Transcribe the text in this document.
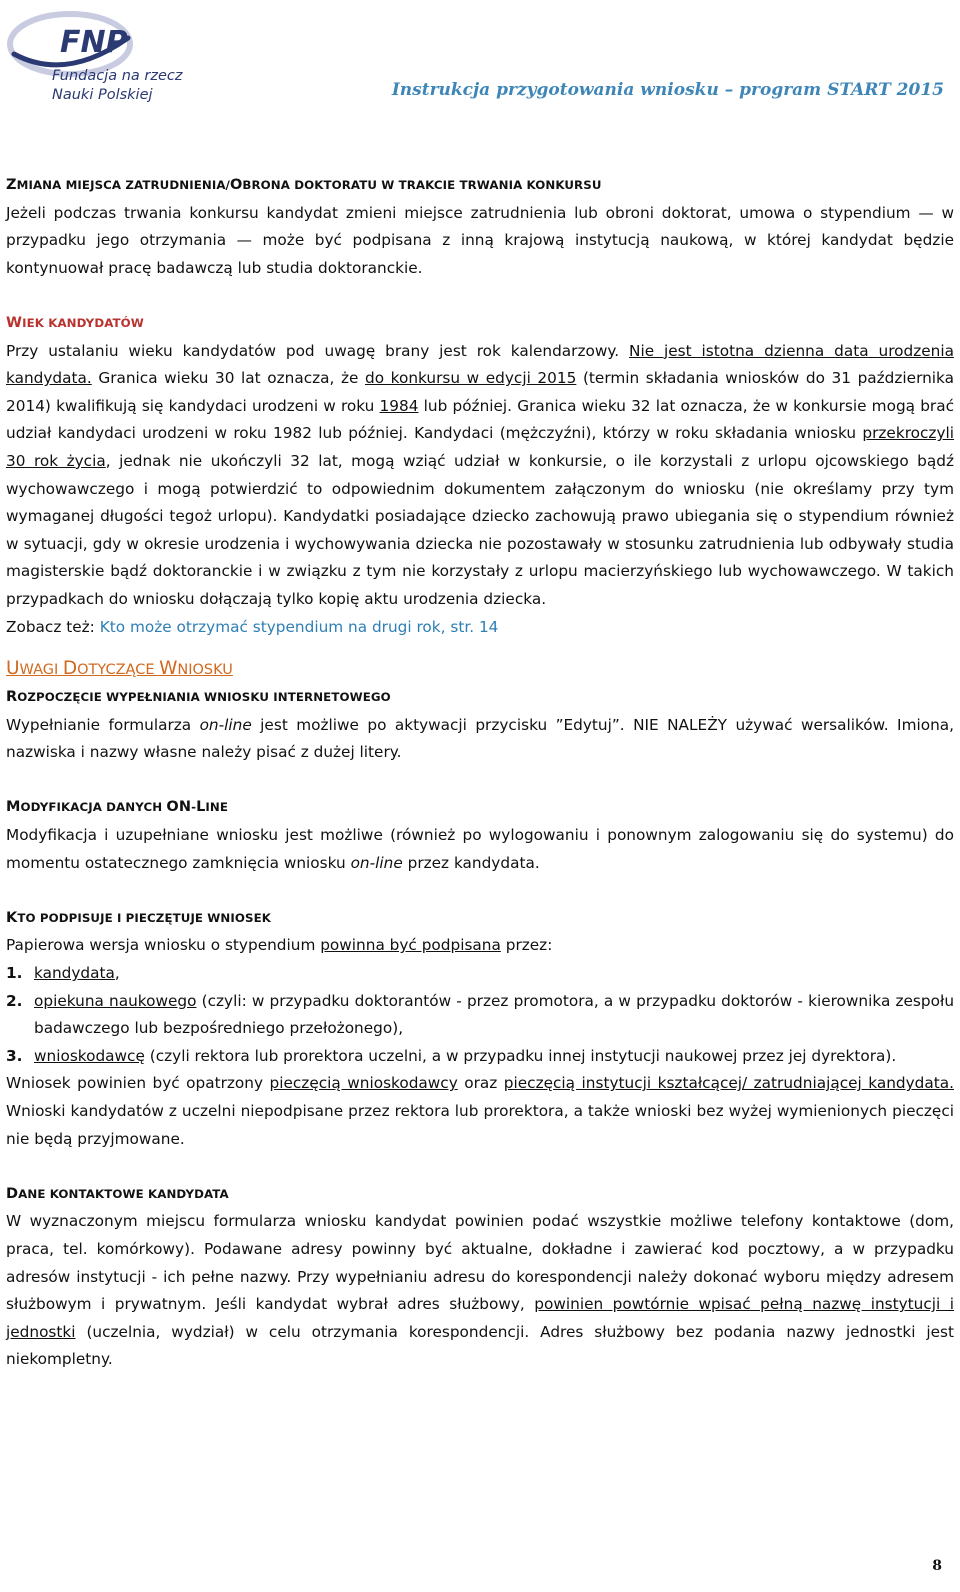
FNP
Fundacja na rzecz
Nauki Polskiej	Instrukcja przygotowania wniosku – program START 2015
ZMIANA MIEJSCA ZATRUDNIENIA/OBRONA DOKTORATU W TRAKCIE TRWANIA KONKURSU

Jeżeli podczas trwania konkursu kandydat zmieni miejsce zatrudnienia lub obroni doktorat, umowa o stypendium — w przypadku jego otrzymania — może być podpisana z inną krajową instytucją naukową, w której kandydat będzie kontynuował pracę badawczą lub studia doktoranckie.

WIEK KANDYDATÓW

Przy ustalaniu wieku kandydatów pod uwagę brany jest rok kalendarzowy. Nie jest istotna dzienna data urodzenia kandydata. Granica wieku 30 lat oznacza, że do konkursu w edycji 2015 (termin składania wniosków do 31 października 2014) kwalifikują się kandydaci urodzeni w roku 1984 lub później. Granica wieku 32 lat oznacza, że w konkursie mogą brać udział kandydaci urodzeni w roku 1982 lub później. Kandydaci (mężczyźni), którzy w roku składania wniosku przekroczyli 30 rok życia, jednak nie ukończyli 32 lat, mogą wziąć udział w konkursie, o ile korzystali z urlopu ojcowskiego bądź wychowawczego i mogą potwierdzić to odpowiednim dokumentem załączonym do wniosku (nie określamy przy tym wymaganej długości tegoż urlopu). Kandydatki posiadające dziecko zachowują prawo ubiegania się o stypendium również w sytuacji, gdy w okresie urodzenia i wychowywania dziecka nie pozostawały w stosunku zatrudnienia lub odbywały studia magisterskie bądź doktoranckie i w związku z tym nie korzystały z urlopu macierzyńskiego lub wychowawczego. W takich przypadkach do wniosku dołączają tylko kopię aktu urodzenia dziecka.

Zobacz też: Kto może otrzymać stypendium na drugi rok, str. 14

UWAGI DOTYCZĄCE WNIOSKU
ROZPOCZĘCIE WYPEŁNIANIA WNIOSKU INTERNETOWEGO

Wypełnianie formularza on-line jest możliwe po aktywacji przycisku ”Edytuj”. NIE NALEŻY używać wersalików. Imiona, nazwiska i nazwy własne należy pisać z dużej litery.

MODYFIKACJA DANYCH ON-LINE

Modyfikacja i uzupełniane wniosku jest możliwe (również po wylogowaniu i ponownym zalogowaniu się do systemu) do momentu ostatecznego zamknięcia wniosku on-line przez kandydata.

KTO PODPISUJE I PIECZĘTUJE WNIOSEK

Papierowa wersja wniosku o stypendium powinna być podpisana przez:

1. kandydata,
2. opiekuna naukowego (czyli: w przypadku doktorantów - przez promotora, a w przypadku doktorów - kierownika zespołu badawczego lub bezpośredniego przełożonego),
3. wnioskodawcę (czyli rektora lub prorektora uczelni, a w przypadku innej instytucji naukowej przez jej dyrektora).

Wniosek powinien być opatrzony pieczęcią wnioskodawcy oraz pieczęcią instytucji kształcącej/ zatrudniającej kandydata. Wnioski kandydatów z uczelni niepodpisane przez rektora lub prorektora, a także wnioski bez wyżej wymienionych pieczęci nie będą przyjmowane.

DANE KONTAKTOWE KANDYDATA

W wyznaczonym miejscu formularza wniosku kandydat powinien podać wszystkie możliwe telefony kontaktowe (dom, praca, tel. komórkowy). Podawane adresy powinny być aktualne, dokładne i zawierać kod pocztowy, a w przypadku adresów instytucji - ich pełne nazwy. Przy wypełnianiu adresu do korespondencji należy dokonać wyboru między adresem służbowym i prywatnym. Jeśli kandydat wybrał adres służbowy, powinien powtórnie wpisać pełną nazwę instytucji i jednostki (uczelnia, wydział) w celu otrzymania korespondencji. Adres służbowy bez podania nazwy jednostki jest niekompletny.

8
